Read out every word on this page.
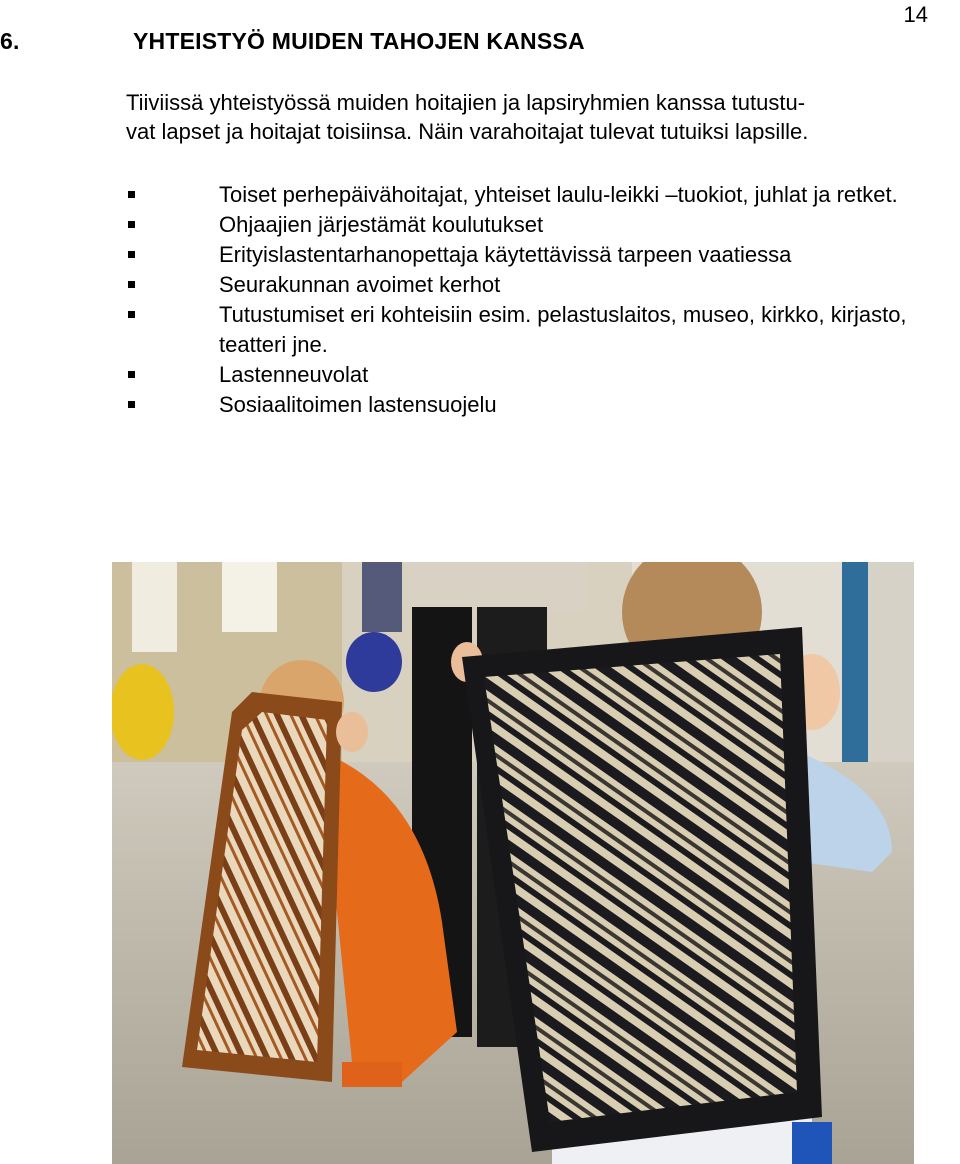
14
6.	YHTEISTYÖ MUIDEN TAHOJEN KANSSA

Tiiviissä yhteistyössä muiden hoitajien ja lapsiryhmien kanssa tutustu-

vat lapset ja hoitajat toisiinsa. Näin varahoitajat tulevat tutuiksi lapsille.

Toiset perhepäivähoitajat, yhteiset laulu-leikki –tuokiot, juhlat ja retket.
Ohjaajien järjestämät koulutukset
Erityislastentarhanopettaja käytettävissä tarpeen vaatiessa
Seurakunnan avoimet kerhot
Tutustumiset eri kohteisiin esim. pelastuslaitos, museo, kirkko, kirjasto, teatteri jne.
Lastenneuvolat
Sosiaalitoimen lastensuojelu
